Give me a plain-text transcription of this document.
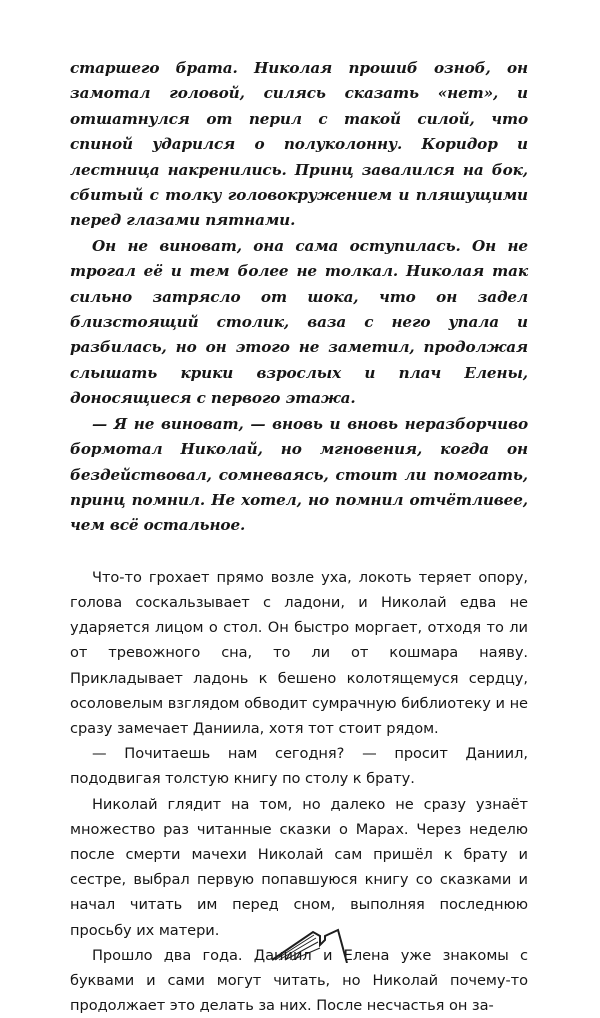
старшего брата. Николая прошиб озноб, он замотал головой, силясь сказать «нет», и отшатнулся от перил с такой силой, что спиной ударился о полуколонну. Коридор и лестница накренились. Принц завалился на бок, сбитый с толку головокружением и пляшущими перед глазами пятнами.

Он не виноват, она сама оступилась. Он не трогал её и тем более не толкал. Николая так сильно затрясло от шока, что он задел близстоящий столик, ваза с него упала и разбилась, но он этого не заметил, продолжая слышать крики взрослых и плач Елены, доносящиеся с первого этажа.

— Я не виноват, — вновь и вновь неразборчиво бормотал Николай, но мгновения, когда он бездействовал, сомневаясь, стоит ли помогать, принц помнил. Не хотел, но помнил отчётливее, чем всё остальное.

Что-то грохает прямо возле уха, локоть теряет опору, голова соскальзывает с ладони, и Николай едва не ударяется лицом о стол. Он быстро моргает, отходя то ли от тревожного сна, то ли от кошмара наяву. Прикладывает ладонь к бешено колотящемуся сердцу, осоловелым взглядом обводит сумрачную библиотеку и не сразу замечает Даниила, хотя тот стоит рядом.

— Почитаешь нам сегодня? — просит Даниил, пододвигая толстую книгу по столу к брату.

Николай глядит на том, но далеко не сразу узнаёт множество раз читанные сказки о Марах. Через неделю после смерти мачехи Николай сам пришёл к брату и сестре, выбрал первую попавшуюся книгу со сказками и начал читать им перед сном, выполняя последнюю просьбу их матери.

Прошло два года. Даниил и Елена уже знакомы с буквами и сами могут читать, но Николай почему-то продолжает это делать за них. После несчастья он за-
